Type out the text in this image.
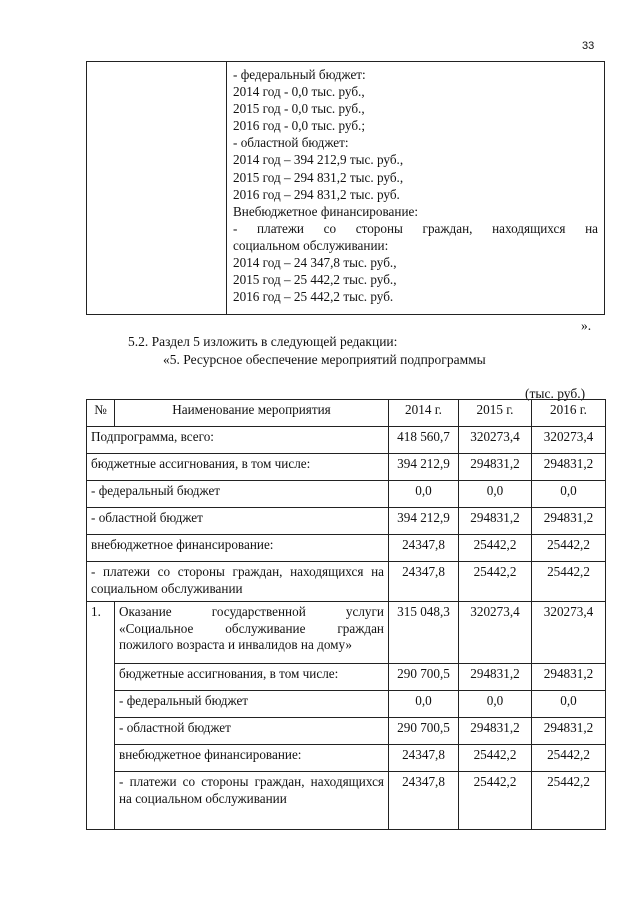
33

- федеральный бюджет:
2014 год - 0,0 тыс. руб.,
2015 год - 0,0 тыс. руб.,
2016 год - 0,0 тыс. руб.;
- областной бюджет:
2014 год – 394 212,9 тыс. руб.,
2015 год – 294 831,2 тыс. руб.,
2016 год – 294 831,2 тыс. руб.
Внебюджетное финансирование:
- платежи со стороны граждан, находящихся на
социальном обслуживании:
2014 год – 24 347,8 тыс. руб.,
2015 год – 25 442,2 тыс. руб.,
2016 год – 25 442,2 тыс. руб.
».
5.2. Раздел 5 изложить в следующей редакции:
«5. Ресурсное обеспечение мероприятий подпрограммы
(тыс. руб.)
№	Наименование мероприятия	2014 г.	2015 г.	2016 г.
Подпрограмма, всего:		418 560,7	320273,4	320273,4
бюджетные ассигнования, в том числе:		394 212,9	294831,2	294831,2
- федеральный бюджет		0,0	0,0	0,0
- областной бюджет		394 212,9	294831,2	294831,2
внебюджетное финансирование:		24347,8	25442,2	25442,2
- платежи со стороны граждан, находящихся на социальном обслуживании		24347,8	25442,2	25442,2
1.	Оказание государственной услуги «Социальное обслуживание граждан пожилого возраста и инвалидов на дому»	315 048,3	320273,4	320273,4
	бюджетные ассигнования, в том числе:	290 700,5	294831,2	294831,2
	- федеральный бюджет	0,0	0,0	0,0
	- областной бюджет	290 700,5	294831,2	294831,2
	внебюджетное финансирование:	24347,8	25442,2	25442,2
	- платежи со стороны граждан, находящихся на социальном обслуживании	24347,8	25442,2	25442,2
